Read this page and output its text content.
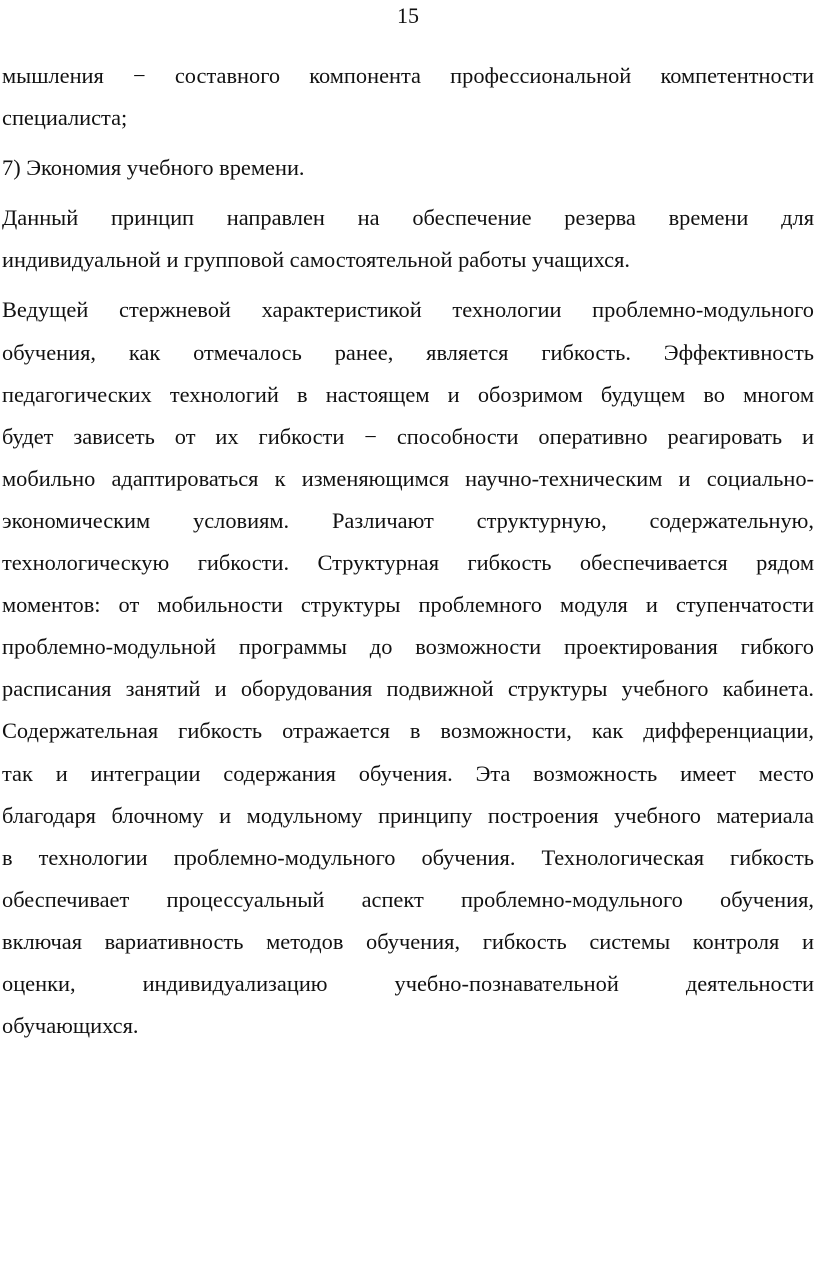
15
мышления − составного компонента профессиональной компетентности
специалиста;
7) Экономия учебного времени.
Данный принцип направлен на обеспечение резерва времени для
индивидуальной и групповой самостоятельной работы учащихся.
Ведущей стержневой характеристикой технологии проблемно-модульного
обучения, как отмечалось ранее, является гибкость. Эффективность
педагогических технологий в настоящем и обозримом будущем во многом
будет зависеть от их гибкости − способности оперативно реагировать и
мобильно адаптироваться к изменяющимся научно-техническим и социально-
экономическим условиям. Различают структурную, содержательную,
технологическую гибкости. Структурная гибкость обеспечивается рядом
моментов: от мобильности структуры проблемного модуля и ступенчатости
проблемно-модульной программы до возможности проектирования гибкого
расписания занятий и оборудования подвижной структуры учебного кабинета.
Содержательная гибкость отражается в возможности, как дифференциации,
так и интеграции содержания обучения. Эта возможность имеет место
благодаря блочному и модульному принципу построения учебного материала
в технологии проблемно-модульного обучения. Технологическая гибкость
обеспечивает процессуальный аспект проблемно-модульного обучения,
включая вариативность методов обучения, гибкость системы контроля и
оценки, индивидуализацию учебно-познавательной деятельности
обучающихся.
